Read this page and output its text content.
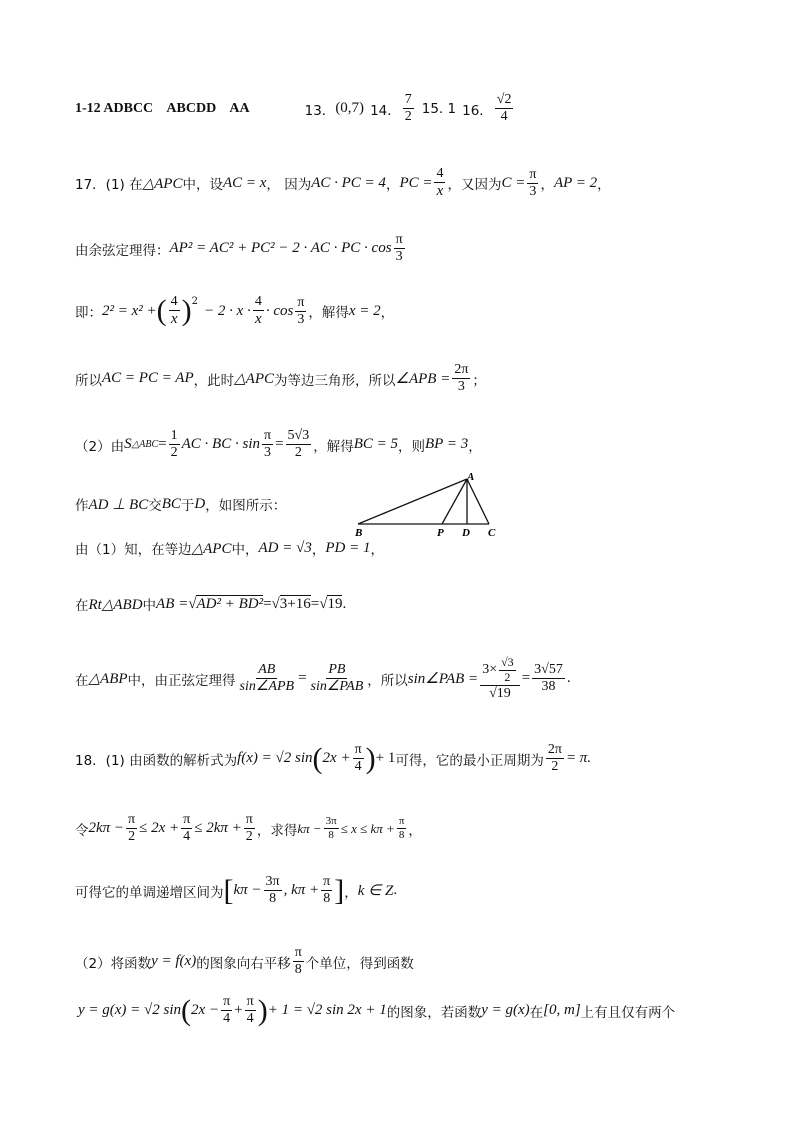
1-12 ADBCC    ABCDD    AA	13． (0,7) 14． $\frac{7}{2} 15$. 1 16． $\frac{√2}{4}$
17．(1) 在 △APC 中，设 AC = x ， 因为 AC · PC = 4 ， PC = $\frac{4}{x}$ ，又因为 $C = \frac{\pi}{3}$ ， AP = 2 ，
由余弦定理得： AP² = AC² + PC² − 2 · AC · PC · $\cos \frac{\pi}{3}$
即： 2² = x² + ( $\frac{4}{x}$ ) 2
− $2 \cdot x \cdot \frac{4}{x} \cdot \cos \frac{\pi}{3}$ ，解得 x = 2 ，
所以 AC = PC = AP ，此时 △APC 为等边三角形，所以 ∠APB = $\frac{2\pi}{3}$ ；
（2）由 S △ABC = $\frac{1}{2}$ AC · BC · $\sin \frac{\pi}{3} = \frac{5√3}{2}$ ，解得 BC = 5 ，则 BP = 3 ，
作 AD ⊥ BC 交 BC 于 D ，如图所示：
A
B	P D C
由（1）知，在等边 △APC 中， AD = √3 ， PD = 1 ，
在 Rt△ABD 中 AB = √ AD² + BD² = √ 3+16 = √ 19 .
在 △ABP 中，由正弦定理得 $\frac{AB}{\text{sin∠APB}} = \frac{PB}{\text{sin∠PAB}}$ ，所以 sin∠PAB = $\frac{3\times \frac{√3}{2}}{√19} = \frac{3√57}{38}$ .
18．(1) 由函数的解析式为 f(x) = √2 sin ( $2x + \frac{\pi}{4}$ ) + 1 可得，它的最小正周期为 $\frac{2\pi}{2} = \pi$.
令 $2k\pi - \frac{\pi}{2} \le 2x + \frac{\pi}{4} \le 2k\pi + \frac{\pi}{2}$ ，求得 $k\pi - \frac{3\pi}{8} \le x \le k\pi + \frac{\pi}{8}$ ，
可得它的单调递增区间为 [ $k\pi - \frac{3\pi}{8}$ , $k\pi + \frac{\pi}{8}$ ] ， k ∈ Z .
（2）将函数 y = f(x) 的图象向右平移 $\frac{\pi}{8}$ 个单位，得到函数
y = g(x) = √2 sin ( $2x - \frac{\pi}{4} + \frac{\pi}{4}$ ) + 1 = √2 sin 2x + 1 的图象，若函数 y = g(x) 在 [0, m] 上有且仅有两个
